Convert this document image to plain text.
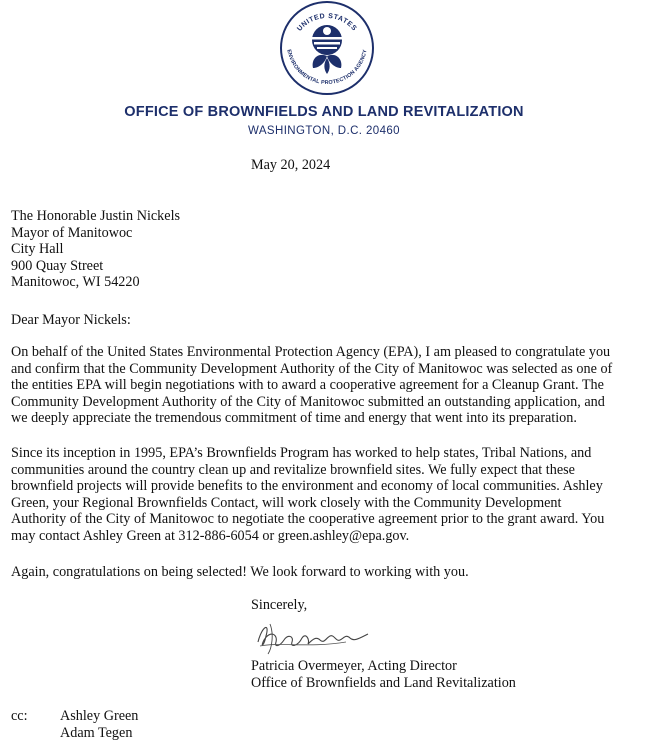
UNITED STATES
ENVIRONMENTAL PROTECTION AGENCY
OFFICE OF BROWNFIELDS AND LAND REVITALIZATION
WASHINGTON, D.C. 20460
May 20, 2024
The Honorable Justin Nickels
Mayor of Manitowoc
City Hall
900 Quay Street
Manitowoc, WI 54220
Dear Mayor Nickels:
On behalf of the United States Environmental Protection Agency (EPA), I am pleased to congratulate you
and confirm that the Community Development Authority of the City of Manitowoc was selected as one of
the entities EPA will begin negotiations with to award a cooperative agreement for a Cleanup Grant. The
Community Development Authority of the City of Manitowoc submitted an outstanding application, and
we deeply appreciate the tremendous commitment of time and energy that went into its preparation.
Since its inception in 1995, EPA’s Brownfields Program has worked to help states, Tribal Nations, and
communities around the country clean up and revitalize brownfield sites. We fully expect that these
brownfield projects will provide benefits to the environment and economy of local communities. Ashley
Green, your Regional Brownfields Contact, will work closely with the Community Development
Authority of the City of Manitowoc to negotiate the cooperative agreement prior to the grant award. You
may contact Ashley Green at 312-886-6054 or green.ashley@epa.gov.
Again, congratulations on being selected! We look forward to working with you.
Sincerely,
Patricia Overmeyer, Acting Director
Office of Brownfields and Land Revitalization
cc: Ashley Green
Adam Tegen
